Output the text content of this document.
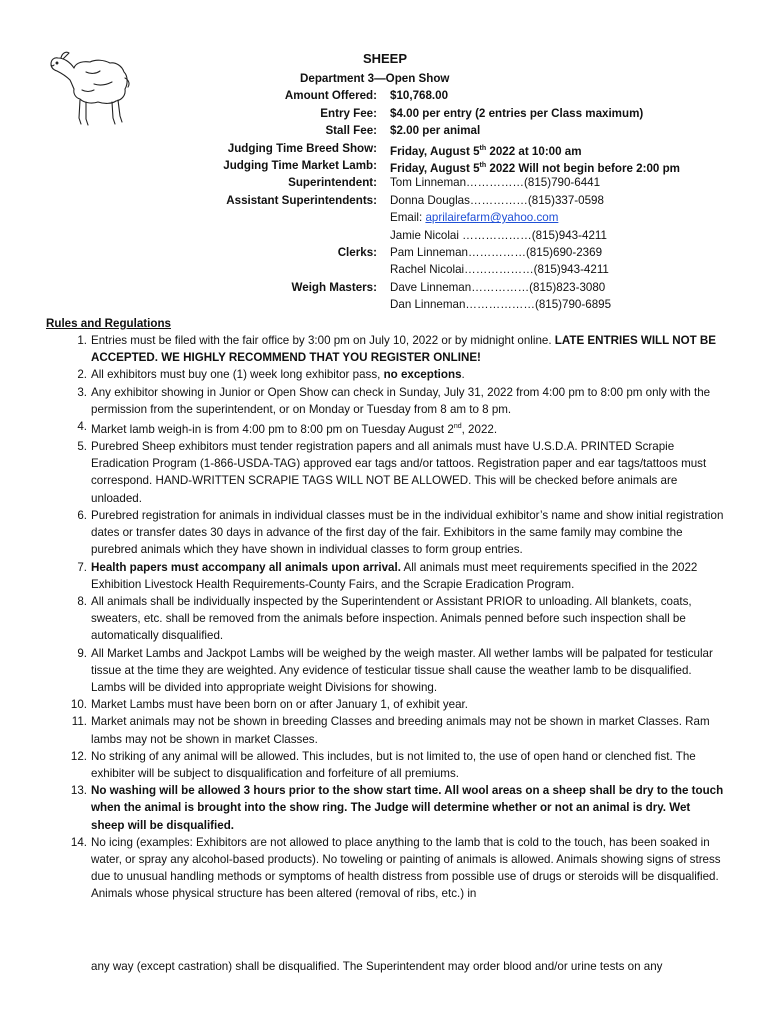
SHEEP
Department 3—Open Show
Amount Offered: $10,768.00
Entry Fee: $4.00 per entry (2 entries per Class maximum)
Stall Fee: $2.00 per animal
Judging Time Breed Show: Friday, August 5th 2022 at 10:00 am
Judging Time Market Lamb: Friday, August 5th 2022 Will not begin before 2:00 pm
Superintendent: Tom Linneman……………(815)790-6441
Assistant Superintendents: Donna Douglas……………(815)337-0598
Email: aprilairefarm@yahoo.com
Jamie Nicolai ………………(815)943-4211
Clerks: Pam Linneman……………(815)690-2369
Rachel Nicolai………………(815)943-4211
Weigh Masters: Dave Linneman……………(815)823-3080
Dan Linneman………………(815)790-6895
Rules and Regulations
1. Entries must be filed with the fair office by 3:00 pm on July 10, 2022 or by midnight online. LATE ENTRIES WILL NOT BE ACCEPTED. WE HIGHLY RECOMMEND THAT YOU REGISTER ONLINE!
2. All exhibitors must buy one (1) week long exhibitor pass, no exceptions.
3. Any exhibitor showing in Junior or Open Show can check in Sunday, July 31, 2022 from 4:00 pm to 8:00 pm only with the permission from the superintendent, or on Monday or Tuesday from 8 am to 8 pm.
4. Market lamb weigh-in is from 4:00 pm to 8:00 pm on Tuesday August 2nd, 2022.
5. Purebred Sheep exhibitors must tender registration papers and all animals must have U.S.D.A. PRINTED Scrapie Eradication Program (1-866-USDA-TAG) approved ear tags and/or tattoos. Registration paper and ear tags/tattoos must correspond. HAND-WRITTEN SCRAPIE TAGS WILL NOT BE ALLOWED. This will be checked before animals are unloaded.
6. Purebred registration for animals in individual classes must be in the individual exhibitor’s name and show initial registration dates or transfer dates 30 days in advance of the first day of the fair. Exhibitors in the same family may combine the purebred animals which they have shown in individual classes to form group entries.
7. Health papers must accompany all animals upon arrival. All animals must meet requirements specified in the 2022 Exhibition Livestock Health Requirements-County Fairs, and the Scrapie Eradication Program.
8. All animals shall be individually inspected by the Superintendent or Assistant PRIOR to unloading. All blankets, coats, sweaters, etc. shall be removed from the animals before inspection. Animals penned before such inspection shall be automatically disqualified.
9. All Market Lambs and Jackpot Lambs will be weighed by the weigh master. All wether lambs will be palpated for testicular tissue at the time they are weighted. Any evidence of testicular tissue shall cause the weather lamb to be disqualified. Lambs will be divided into appropriate weight Divisions for showing.
10. Market Lambs must have been born on or after January 1, of exhibit year.
11. Market animals may not be shown in breeding Classes and breeding animals may not be shown in market Classes. Ram lambs may not be shown in market Classes.
12. No striking of any animal will be allowed. This includes, but is not limited to, the use of open hand or clenched fist. The exhibiter will be subject to disqualification and forfeiture of all premiums.
13. No washing will be allowed 3 hours prior to the show start time. All wool areas on a sheep shall be dry to the touch when the animal is brought into the show ring. The Judge will determine whether or not an animal is dry. Wet sheep will be disqualified.
14. No icing (examples: Exhibitors are not allowed to place anything to the lamb that is cold to the touch, has been soaked in water, or spray any alcohol-based products). No toweling or painting of animals is allowed. Animals showing signs of stress due to unusual handling methods or symptoms of health distress from possible use of drugs or steroids will be disqualified. Animals whose physical structure has been altered (removal of ribs, etc.) in
any way (except castration) shall be disqualified. The Superintendent may order blood and/or urine tests on any
